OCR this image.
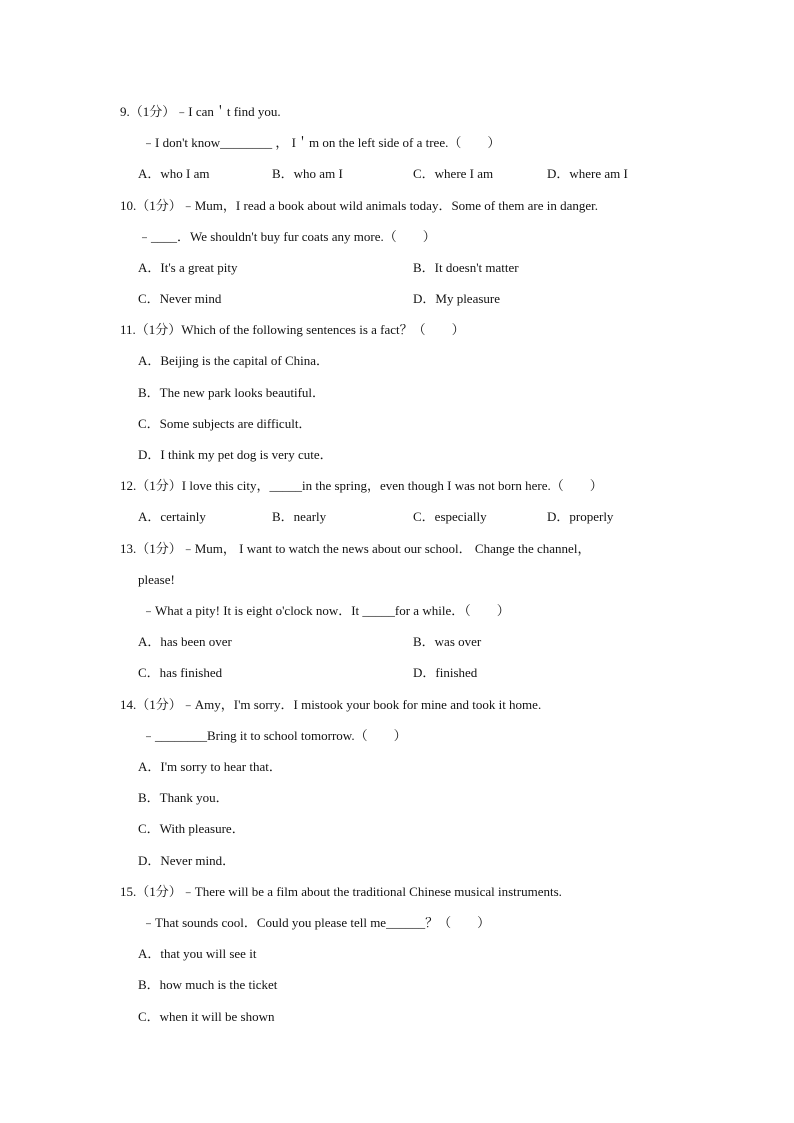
9.（1分）﹣I can＇t find you.
﹣I don't know________ ， I＇m on the left side of a tree.（　　）
A．who I am	B．who am I	C．where I am	D．where am I
10.（1分）﹣Mum，I read a book about wild animals today．Some of them are in danger.
﹣____．We shouldn't buy fur coats any more.（　　）
A．It's a great pity	B．It doesn't matter
C．Never mind	D．My pleasure
11.（1分）Which of the following sentences is a fact？（　　）
A．Beijing is the capital of China．
B．The new park looks beautiful．
C．Some subjects are difficult．
D．I think my pet dog is very cute．
12.（1分）I love this city，_____in the spring，even though I was not born here.（　　）
A．certainly	B．nearly	C．especially	D．properly
13.（1分）﹣Mum， I want to watch the news about our school． Change the channel，
please!
﹣What a pity! It is eight o'clock now．It _____for a while．（　　）
A．has been over	B．was over
C．has finished	D．finished
14.（1分）﹣Amy，I'm sorry．I mistook your book for mine and took it home.
﹣________Bring it to school tomorrow.（　　）
A．I'm sorry to hear that．
B．Thank you．
C．With pleasure．
D．Never mind．
15.（1分）﹣There will be a film about the traditional Chinese musical instruments.
﹣That sounds cool．Could you please tell me______？（　　）
A．that you will see it
B．how much is the ticket
C．when it will be shown
